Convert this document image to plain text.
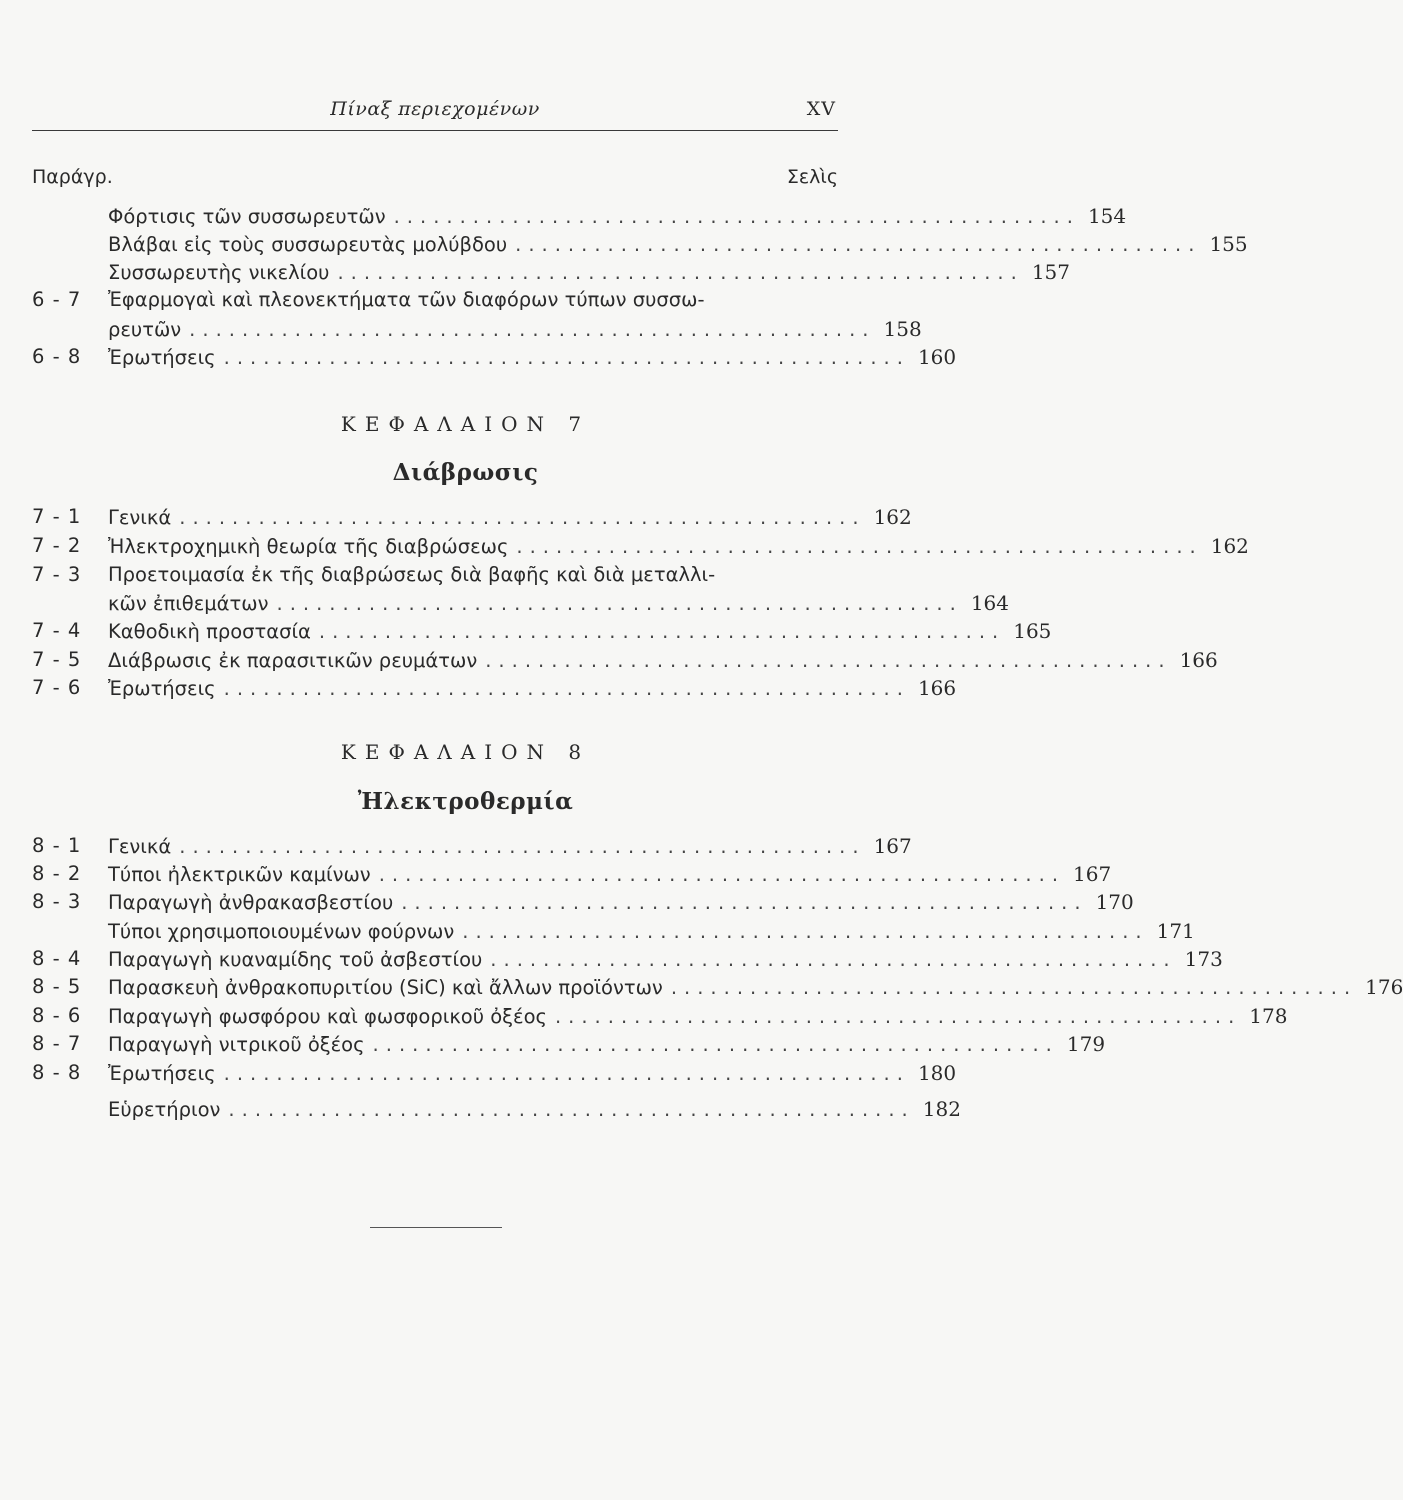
Πίναξ περιεχομένων	XV
Παράγρ.	Σελὶς
Φόρτισις τῶν συσσωρευτῶν .................................................... 154
Βλάβαι εἰς τοὺς συσσωρευτὰς μολύβδου .................................................... 155
Συσσωρευτὴς νικελίου .................................................... 157
6 - 7	Ἐφαρμογαὶ καὶ πλεονεκτήματα τῶν διαφόρων τύπων συσσω-
ρευτῶν .................................................... 158
6 - 8	Ἐρωτήσεις .................................................... 160
ΚΕΦΑΛΑΙΟΝ 7
Διάβρωσις
7 - 1	Γενικά .................................................... 162
7 - 2	Ἠλεκτροχημικὴ θεωρία τῆς διαβρώσεως .................................................... 162
7 - 3	Προετοιμασία ἐκ τῆς διαβρώσεως διὰ βαφῆς καὶ διὰ μεταλλι-
κῶν ἐπιθεμάτων .................................................... 164
7 - 4	Καθοδικὴ προστασία .................................................... 165
7 - 5	Διάβρωσις ἐκ παρασιτικῶν ρευμάτων .................................................... 166
7 - 6	Ἐρωτήσεις .................................................... 166
ΚΕΦΑΛΑΙΟΝ 8
Ἠλεκτροθερμία
8 - 1	Γενικά .................................................... 167
8 - 2	Τύποι ἠλεκτρικῶν καμίνων .................................................... 167
8 - 3	Παραγωγὴ ἀνθρακασβεστίου .................................................... 170
Τύποι χρησιμοποιουμένων φούρνων .................................................... 171
8 - 4	Παραγωγὴ κυαναμίδης τοῦ ἀσβεστίου .................................................... 173
8 - 5	Παρασκευὴ ἀνθρακοπυριτίου (SiC) καὶ ἄλλων προϊόντων .................................................... 176
8 - 6	Παραγωγὴ φωσφόρου καὶ φωσφορικοῦ ὀξέος .................................................... 178
8 - 7	Παραγωγὴ νιτρικοῦ ὀξέος .................................................... 179
8 - 8	Ἐρωτήσεις .................................................... 180
Εὑρετήριον .................................................... 182
